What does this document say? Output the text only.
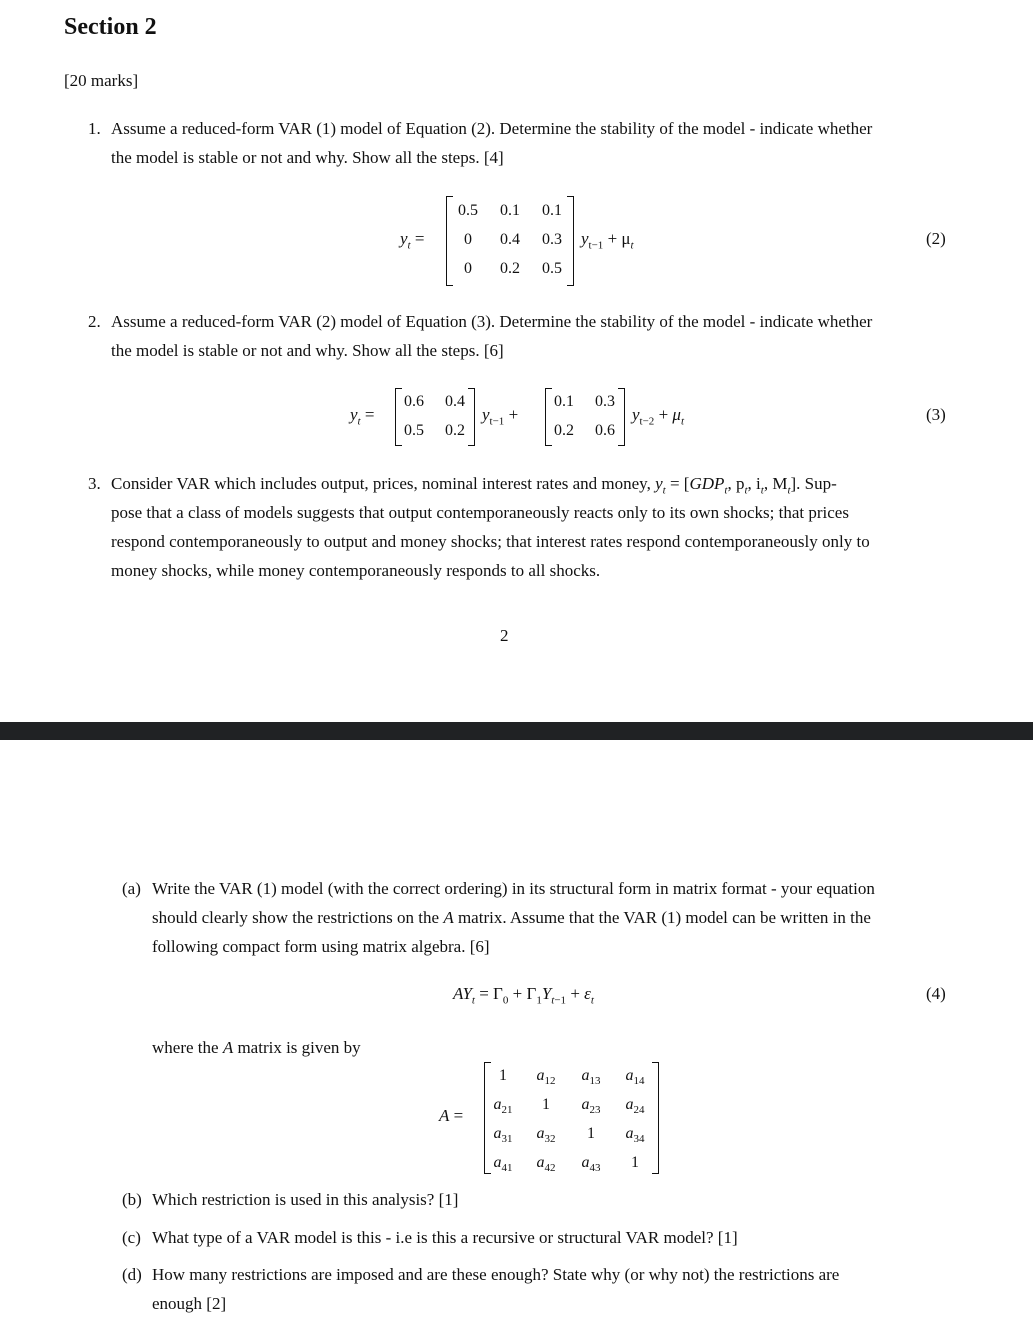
Section 2
[20 marks]
1. Assume a reduced-form VAR (1) model of Equation (2). Determine the stability of the model - indicate whether
the model is stable or not and why. Show all the steps. [4]
$y_t$ =
0.5	0.1	0.1
0	0.4	0.3
0	0.2	0.5
$y_{t-1} + \mu_t$	(2)
2. Assume a reduced-form VAR (2) model of Equation (3). Determine the stability of the model - indicate whether
the model is stable or not and why. Show all the steps. [6]
$y_t$ =
0.6	0.4
0.5	0.2
$y_{t-1}$ +
0.1	0.3
0.2	0.6
$y_{t-2} + \mu_t$	(3)
3. Consider VAR which includes output, prices, nominal interest rates and money, $y_t = [GDP_t$, $p_t$, $i_t$, $M_t$]. Sup-
pose that a class of models suggests that output contemporaneously reacts only to its own shocks; that prices
respond contemporaneously to output and money shocks; that interest rates respond contemporaneously only to
money shocks, while money contemporaneously responds to all shocks.
2
(a) Write the VAR (1) model (with the correct ordering) in its structural form in matrix format - your equation
should clearly show the restrictions on the A matrix. Assume that the VAR (1) model can be written in the
following compact form using matrix algebra. [6]
$AY_t = \Gamma_0 + \Gamma_1Y_{t-1} + \varepsilon_t$	(4)
where the A matrix is given by
A =
1	$a_{12}$	$a_{13}$	$a_{14}$
$a_{21}$	1	$a_{23}$	$a_{24}$
$a_{31}$	$a_{32}$	1	$a_{34}$
$a_{41}$	$a_{42}$	$a_{43}$	1
(b) Which restriction is used in this analysis? [1]
(c) What type of a VAR model is this - i.e is this a recursive or structural VAR model? [1]
(d) How many restrictions are imposed and are these enough? State why (or why not) the restrictions are
enough [2]
